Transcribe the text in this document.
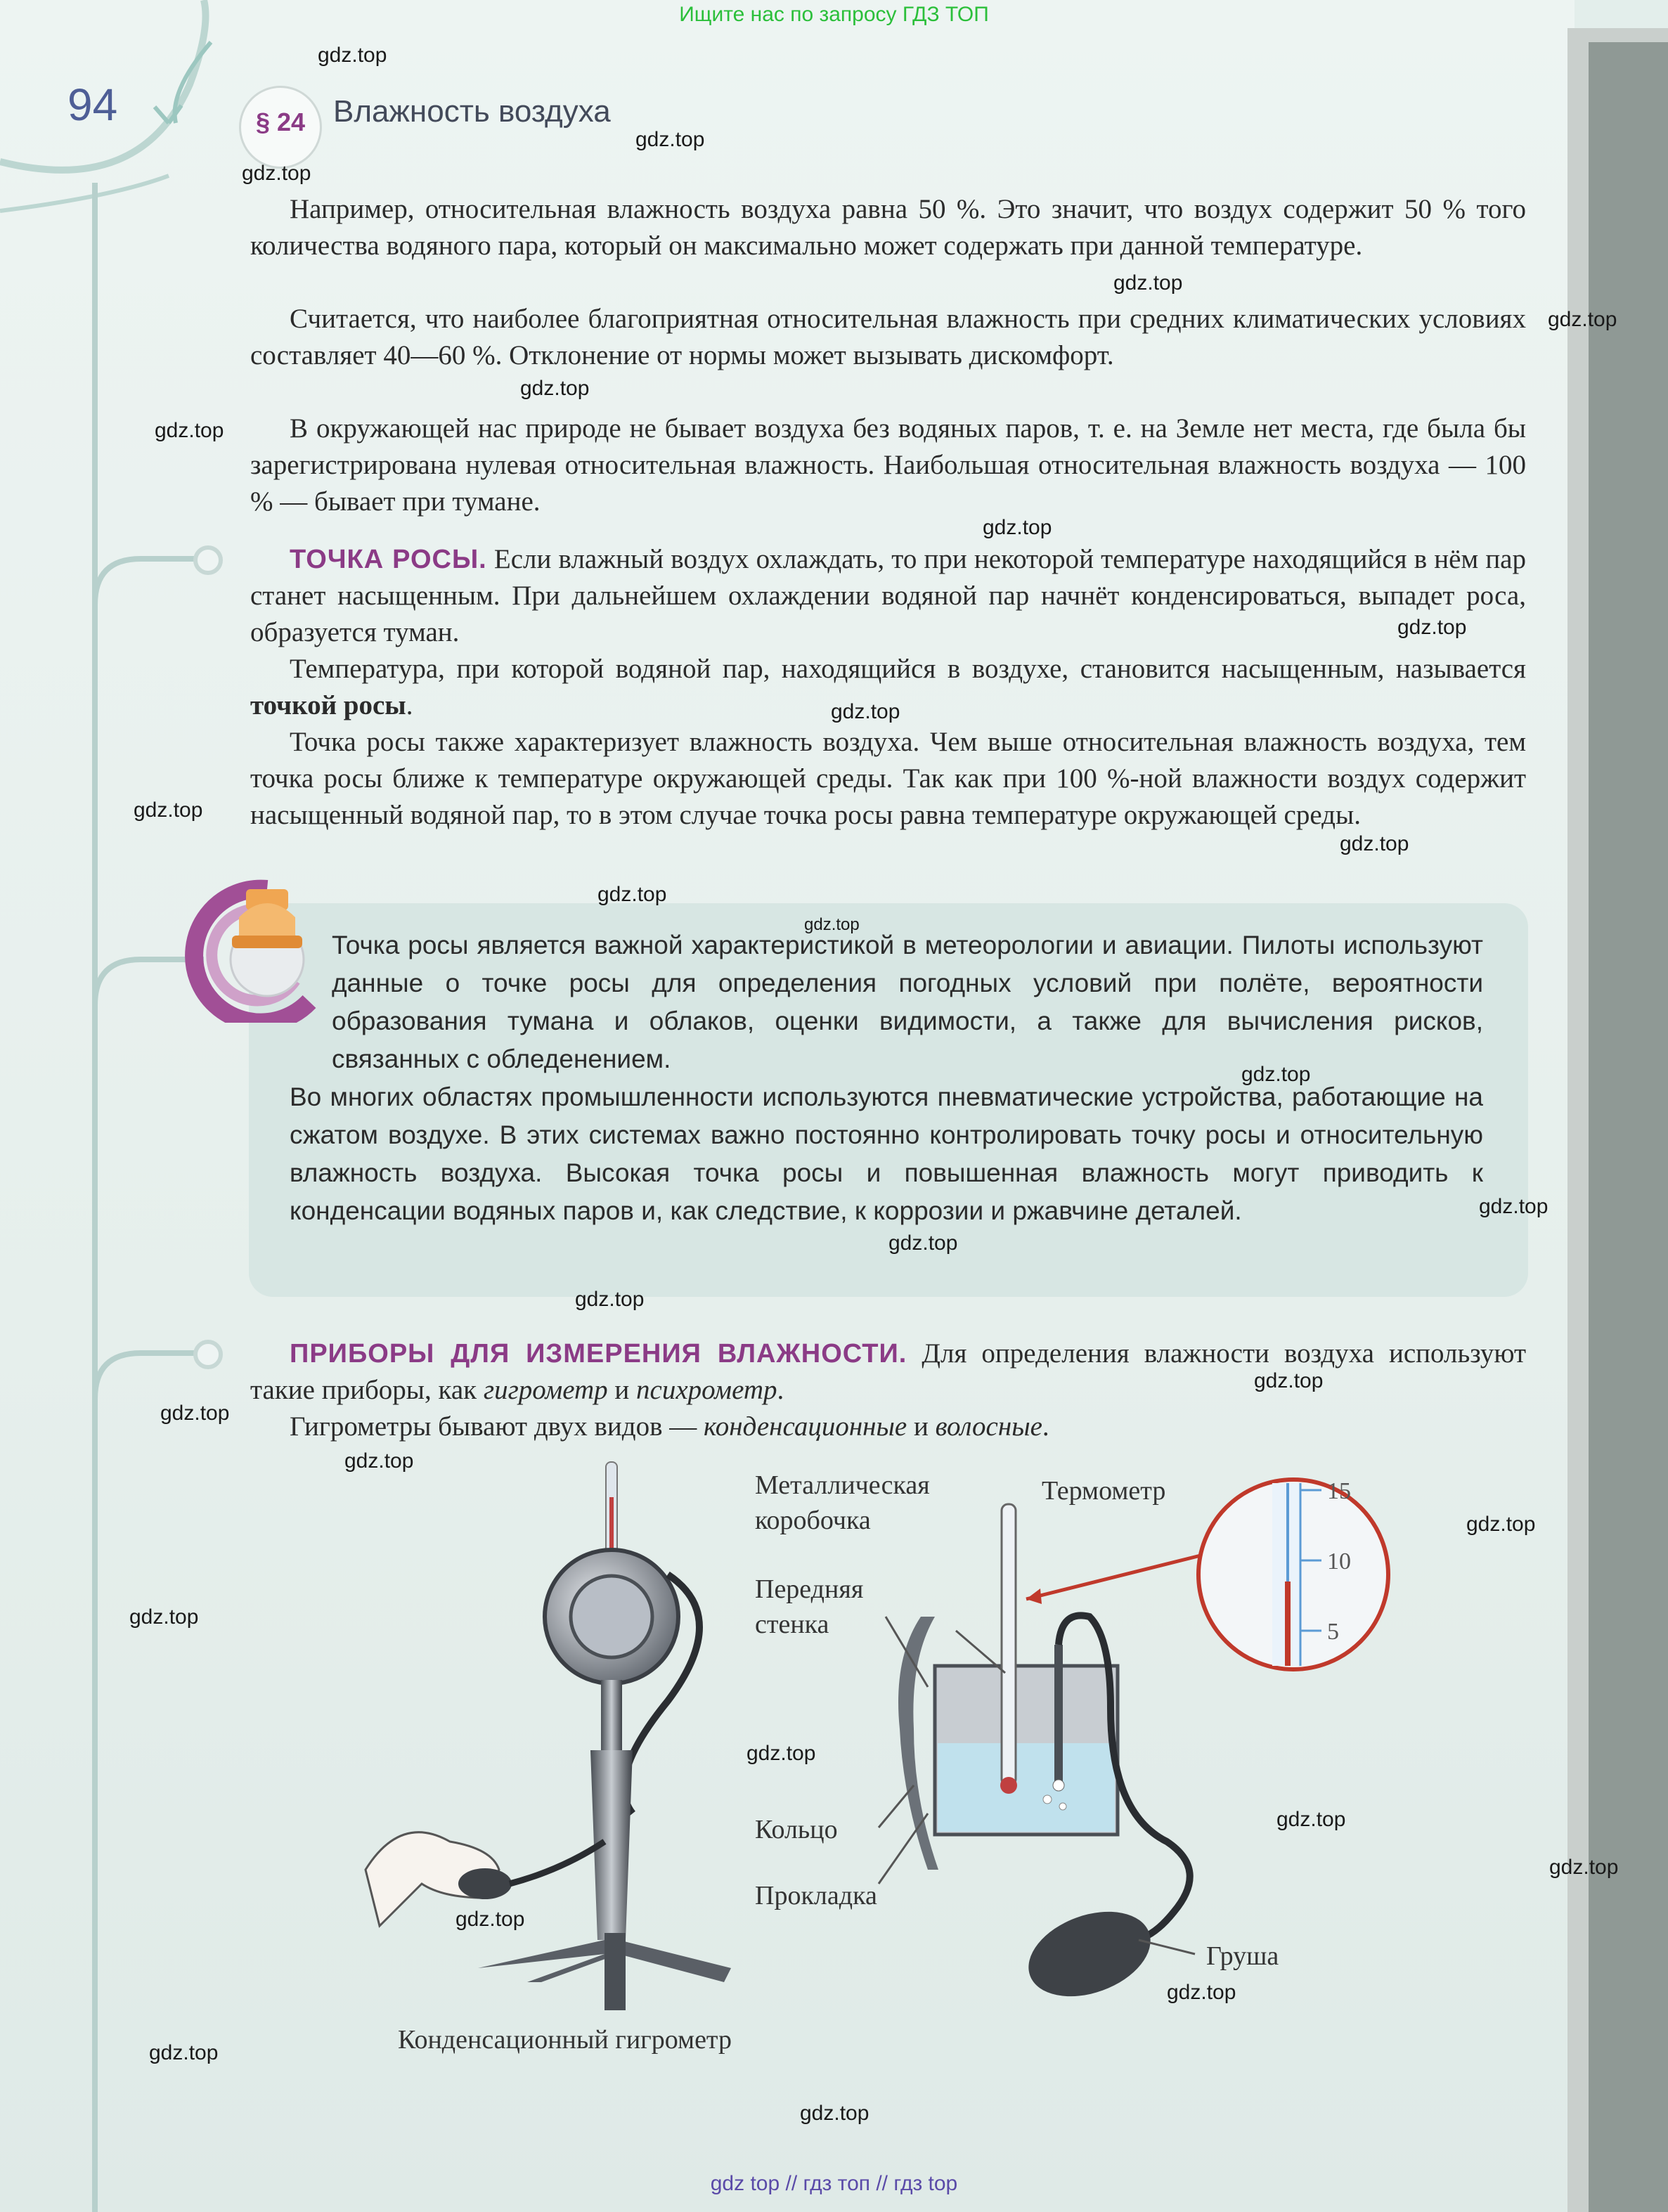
Ищите нас по запросу ГДЗ ТОП
94	§ 24 Влажность воздуха

Например, относительная влажность воздуха равна 50 %. Это значит, что воздух содержит 50 % того количества водяного пара, который он максимально может содержать при данной температуре.

Считается, что наиболее благоприятная относительная влажность при средних климатических условиях составляет 40—60 %. Отклонение от нормы может вызывать дискомфорт.

В окружающей нас природе не бывает воздуха без водяных паров, т. е. на Земле нет места, где была бы зарегистрирована нулевая относительная влажность. Наибольшая относительная влажность воздуха — 100 % — бывает при тумане.

ТОЧКА РОСЫ. Если влажный воздух охлаждать, то при некоторой температуре находящийся в нём пар станет насыщенным. При дальнейшем охлаждении водяной пар начнёт конденсироваться, выпадет роса, образуется туман.

Температура, при которой водяной пар, находящийся в воздухе, становится насыщенным, называется точкой росы.

Точка росы также характеризует влажность воздуха. Чем выше относительная влажность воздуха, тем точка росы ближе к температуре окружающей среды. Так как при 100 %-ной влажности воздух содержит насыщенный водяной пар, то в этом случае точка росы равна температуре окружающей среды.

Точка росы является важной характеристикой в метеорологии и авиации. Пилоты используют данные о точке росы для определения погодных условий при полёте, вероятности образования тумана и облаков, оценки видимости, а также для вычисления рисков, связанных с обледенением.

Во многих областях промышленности используются пневматические устройства, работающие на сжатом воздухе. В этих системах важно постоянно контролировать точку росы и относительную влажность воздуха. Высокая точка росы и повышенная влажность могут приводить к конденсации водяных паров и, как следствие, к коррозии и ржавчине деталей.

ПРИБОРЫ ДЛЯ ИЗМЕРЕНИЯ ВЛАЖНОСТИ. Для определения влажности воздуха используют такие приборы, как гигрометр и психрометр.

Гигрометры бывают двух видов — конденсационные и волосные.

15
10
5
Металлическая коробочка
Термометр
Передняя стенка
Кольцо
Прокладка
Груша
Конденсационный гигрометр
gdz.top
gdz.top
gdz.top
gdz.top
gdz.top
gdz.top
gdz.top
gdz.top
gdz.top
gdz.top
gdz.top
gdz.top
gdz.top
gdz.top
gdz.top
gdz.top
gdz.top
gdz.top
gdz.top
gdz.top
gdz.top
gdz.top
gdz.top
gdz.top
gdz.top
gdz.top
gdz.top
gdz.top
gdz.top
gdz.top
gdz top // гдз топ // гдз top
